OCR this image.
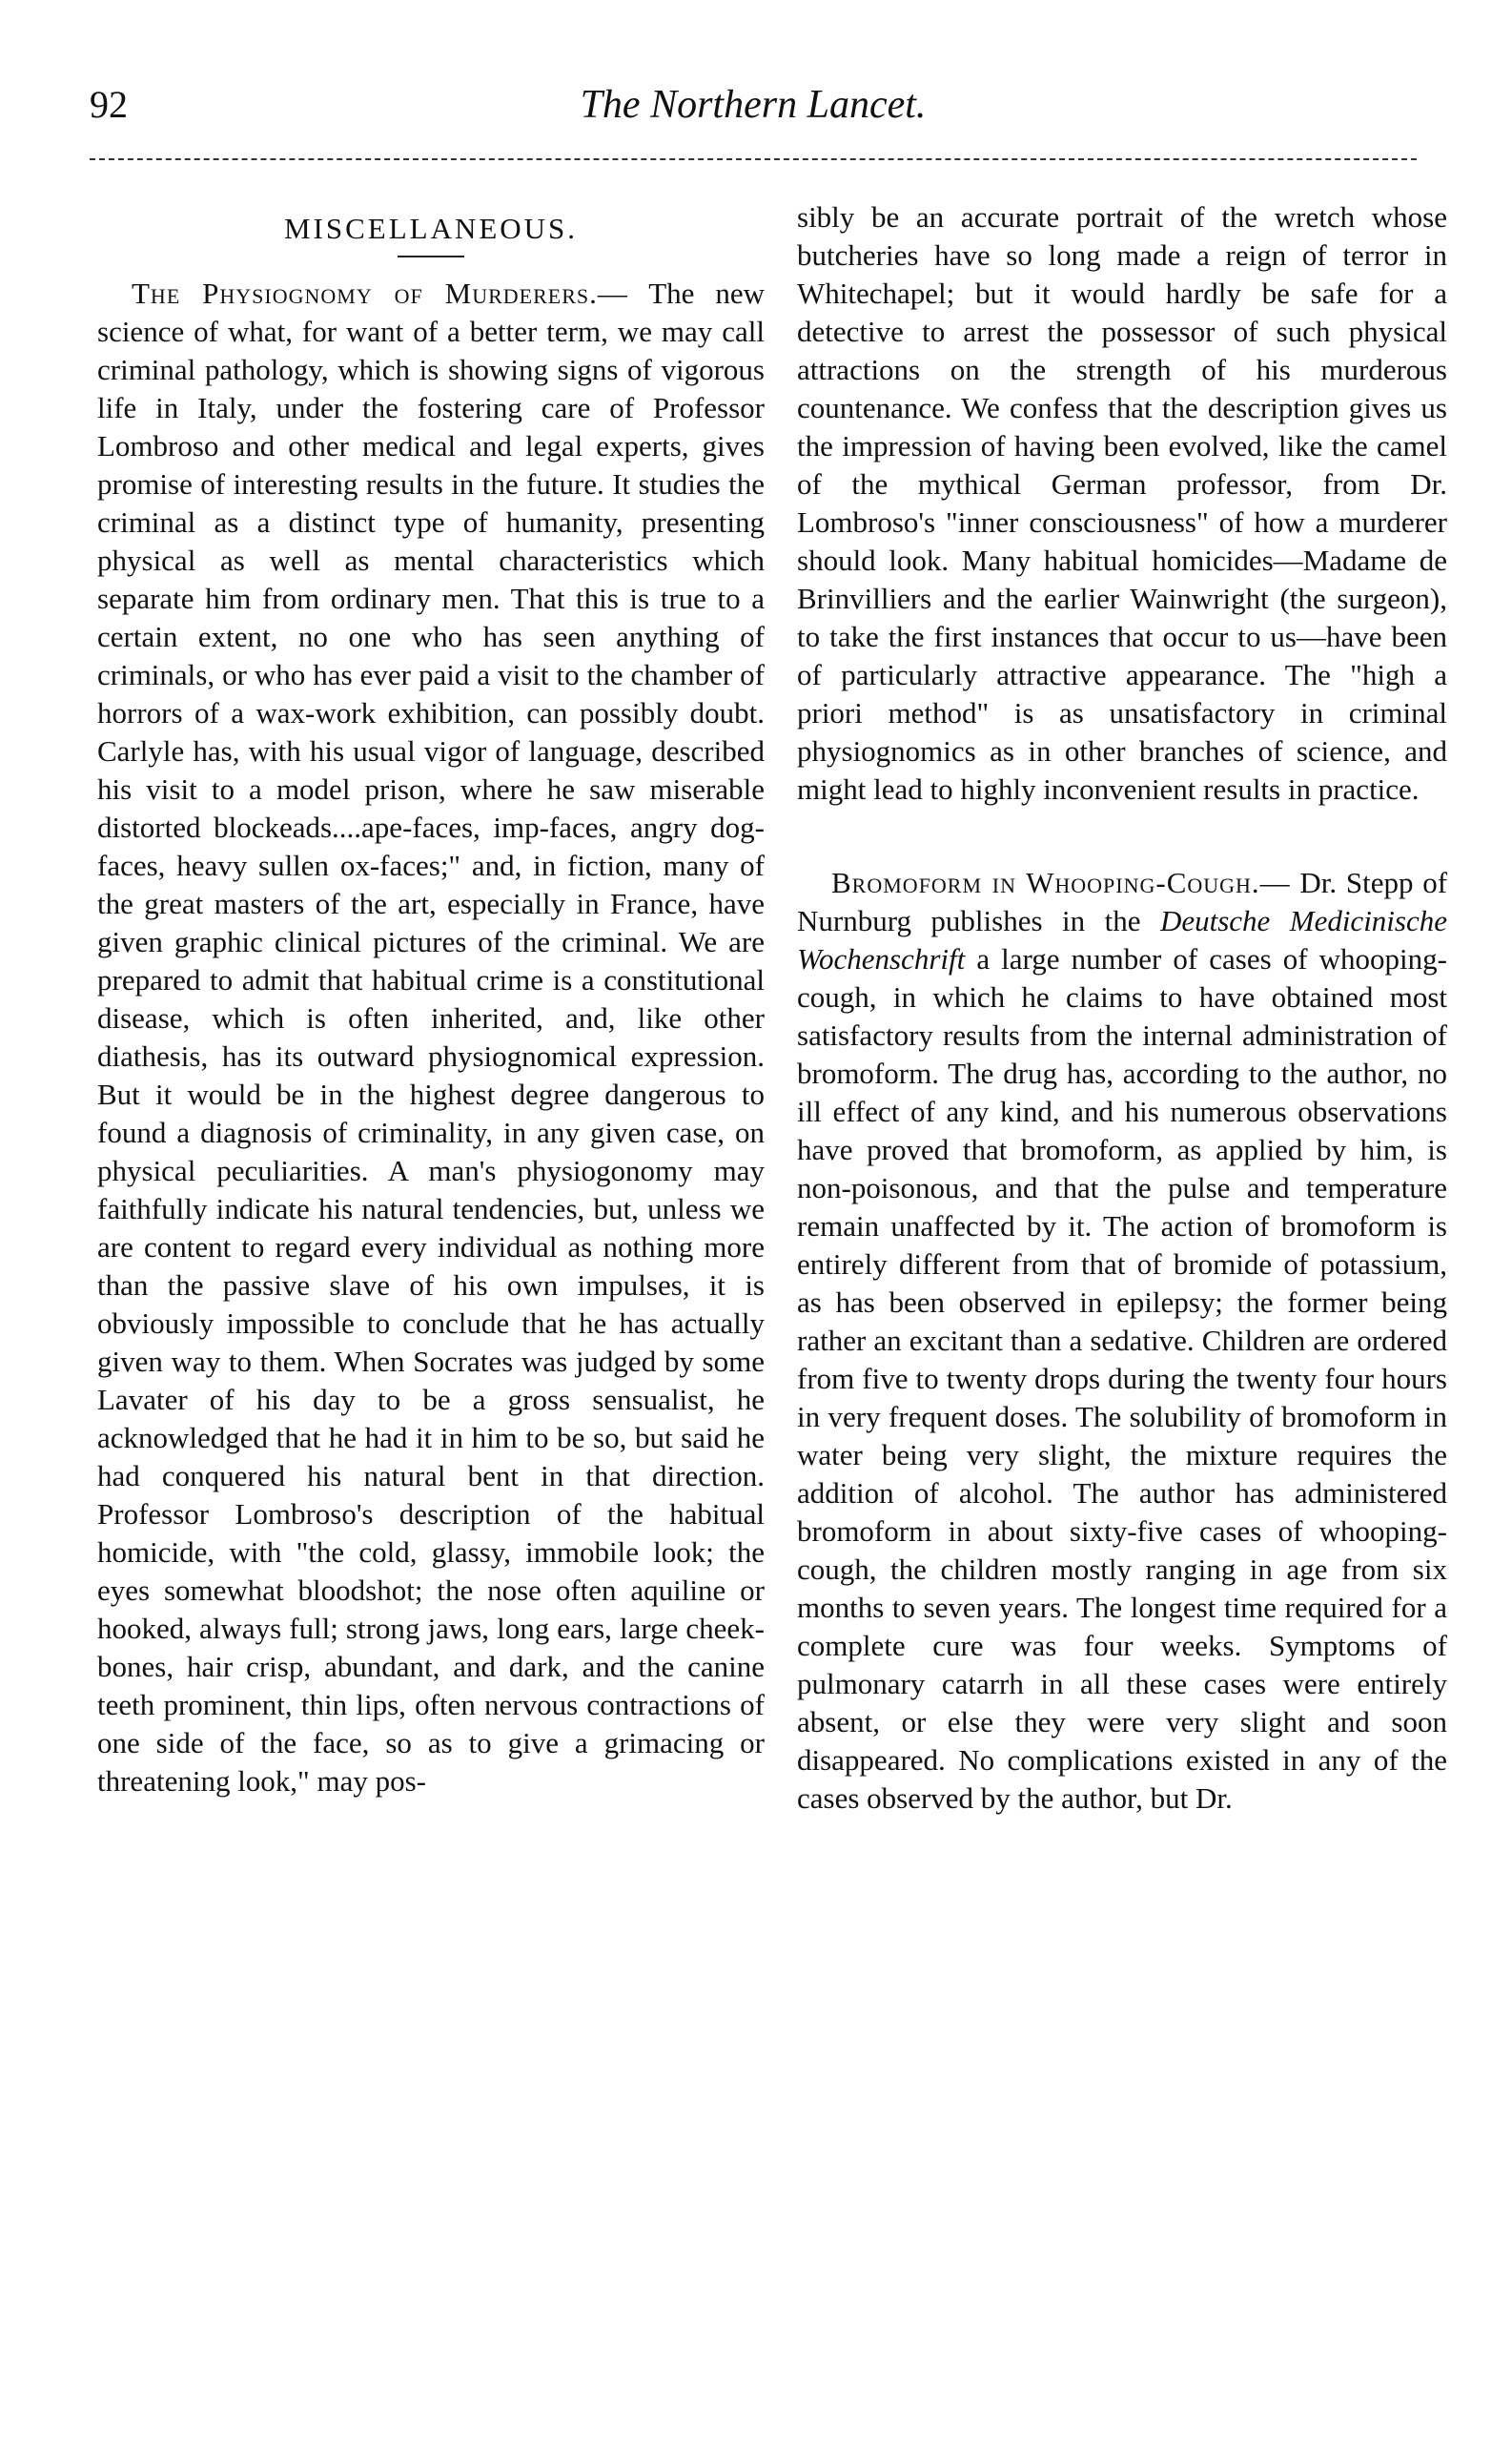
92	The Northern Lancet.
MISCELLANEOUS.

The Physiognomy of Murderers.— The new science of what, for want of a better term, we may call criminal pathology, which is showing signs of vigorous life in Italy, under the fostering care of Professor Lombroso and other medical and legal experts, gives promise of interesting results in the future. It studies the criminal as a distinct type of humanity, presenting physical as well as mental characteristics which separate him from ordinary men. That this is true to a certain extent, no one who has seen anything of criminals, or who has ever paid a visit to the chamber of horrors of a wax-work exhibition, can possibly doubt. Carlyle has, with his usual vigor of language, described his visit to a model prison, where he saw miserable distorted blockeads....ape-faces, imp-faces, angry dog-faces, heavy sullen ox-faces;" and, in fiction, many of the great masters of the art, especially in France, have given graphic clinical pictures of the criminal. We are prepared to admit that habitual crime is a constitutional disease, which is often inherited, and, like other diathesis, has its outward physiognomical expression. But it would be in the highest degree dangerous to found a diagnosis of criminality, in any given case, on physical peculiarities. A man's physiogonomy may faithfully indicate his natural tendencies, but, unless we are content to regard every individual as nothing more than the passive slave of his own impulses, it is obviously impossible to conclude that he has actually given way to them. When Socrates was judged by some Lavater of his day to be a gross sensualist, he acknowledged that he had it in him to be so, but said he had conquered his natural bent in that direction. Professor Lombroso's description of the habitual homicide, with "the cold, glassy, immobile look; the eyes somewhat bloodshot; the nose often aquiline or hooked, always full; strong jaws, long ears, large cheek-bones, hair crisp, abundant, and dark, and the canine teeth prominent, thin lips, often nervous contractions of one side of the face, so as to give a grimacing or threatening look," may pos-

sibly be an accurate portrait of the wretch whose butcheries have so long made a reign of terror in Whitechapel; but it would hardly be safe for a detective to arrest the possessor of such physical attractions on the strength of his murderous countenance. We confess that the description gives us the impression of having been evolved, like the camel of the mythical German professor, from Dr. Lombroso's "inner consciousness" of how a murderer should look. Many habitual homicides—Madame de Brinvilliers and the earlier Wainwright (the surgeon), to take the first instances that occur to us—have been of particularly attractive appearance. The "high a priori method" is as unsatisfactory in criminal physiognomics as in other branches of science, and might lead to highly inconvenient results in practice.

Bromoform in Whooping-Cough.— Dr. Stepp of Nurnburg publishes in the Deutsche Medicinische Wochenschrift a large number of cases of whooping-cough, in which he claims to have obtained most satisfactory results from the internal administration of bromoform. The drug has, according to the author, no ill effect of any kind, and his numerous observations have proved that bromoform, as applied by him, is non-poisonous, and that the pulse and temperature remain unaffected by it. The action of bromoform is entirely different from that of bromide of potassium, as has been observed in epilepsy; the former being rather an excitant than a sedative. Children are ordered from five to twenty drops during the twenty four hours in very frequent doses. The solubility of bromoform in water being very slight, the mixture requires the addition of alcohol. The author has administered bromoform in about sixty-five cases of whooping-cough, the children mostly ranging in age from six months to seven years. The longest time required for a complete cure was four weeks. Symptoms of pulmonary catarrh in all these cases were entirely absent, or else they were very slight and soon disappeared. No complications existed in any of the cases observed by the author, but Dr.
